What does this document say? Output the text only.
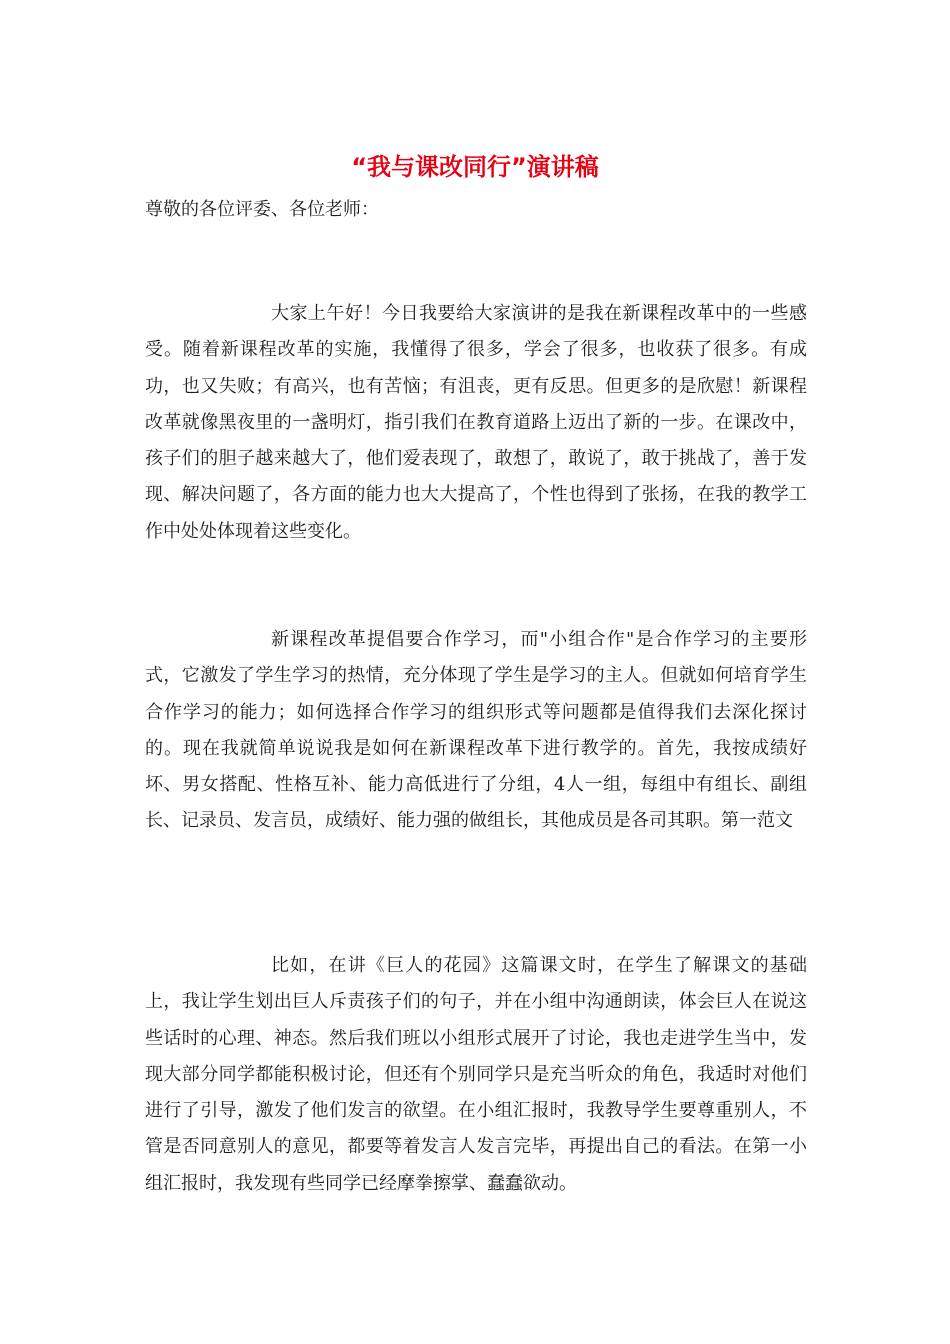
“我与课改同行”演讲稿

尊敬的各位评委、各位老师：

大家上午好！今日我要给大家演讲的是我在新课程改革中的一些感受。随着新课程改革的实施，我懂得了很多，学会了很多，也收获了很多。有成功，也又失败；有高兴，也有苦恼；有沮丧，更有反思。但更多的是欣慰！新课程改革就像黑夜里的一盏明灯，指引我们在教育道路上迈出了新的一步。在课改中，孩子们的胆子越来越大了，他们爱表现了，敢想了，敢说了，敢于挑战了，善于发现、解决问题了，各方面的能力也大大提高了，个性也得到了张扬，在我的教学工作中处处体现着这些变化。

新课程改革提倡要合作学习，而"小组合作"是合作学习的主要形式，它激发了学生学习的热情，充分体现了学生是学习的主人。但就如何培育学生合作学习的能力；如何选择合作学习的组织形式等问题都是值得我们去深化探讨的。现在我就简单说说我是如何在新课程改革下进行教学的。首先，我按成绩好坏、男女搭配、性格互补、能力高低进行了分组，4人一组，每组中有组长、副组长、记录员、发言员，成绩好、能力强的做组长，其他成员是各司其职。第一范文

比如，在讲《巨人的花园》这篇课文时，在学生了解课文的基础上，我让学生划出巨人斥责孩子们的句子，并在小组中沟通朗读，体会巨人在说这些话时的心理、神态。然后我们班以小组形式展开了讨论，我也走进学生当中，发现大部分同学都能积极讨论，但还有个别同学只是充当听众的角色，我适时对他们进行了引导，激发了他们发言的欲望。在小组汇报时，我教导学生要尊重别人，不管是否同意别人的意见，都要等着发言人发言完毕，再提出自己的看法。在第一小组汇报时，我发现有些同学已经摩拳擦掌、蠢蠢欲动。
